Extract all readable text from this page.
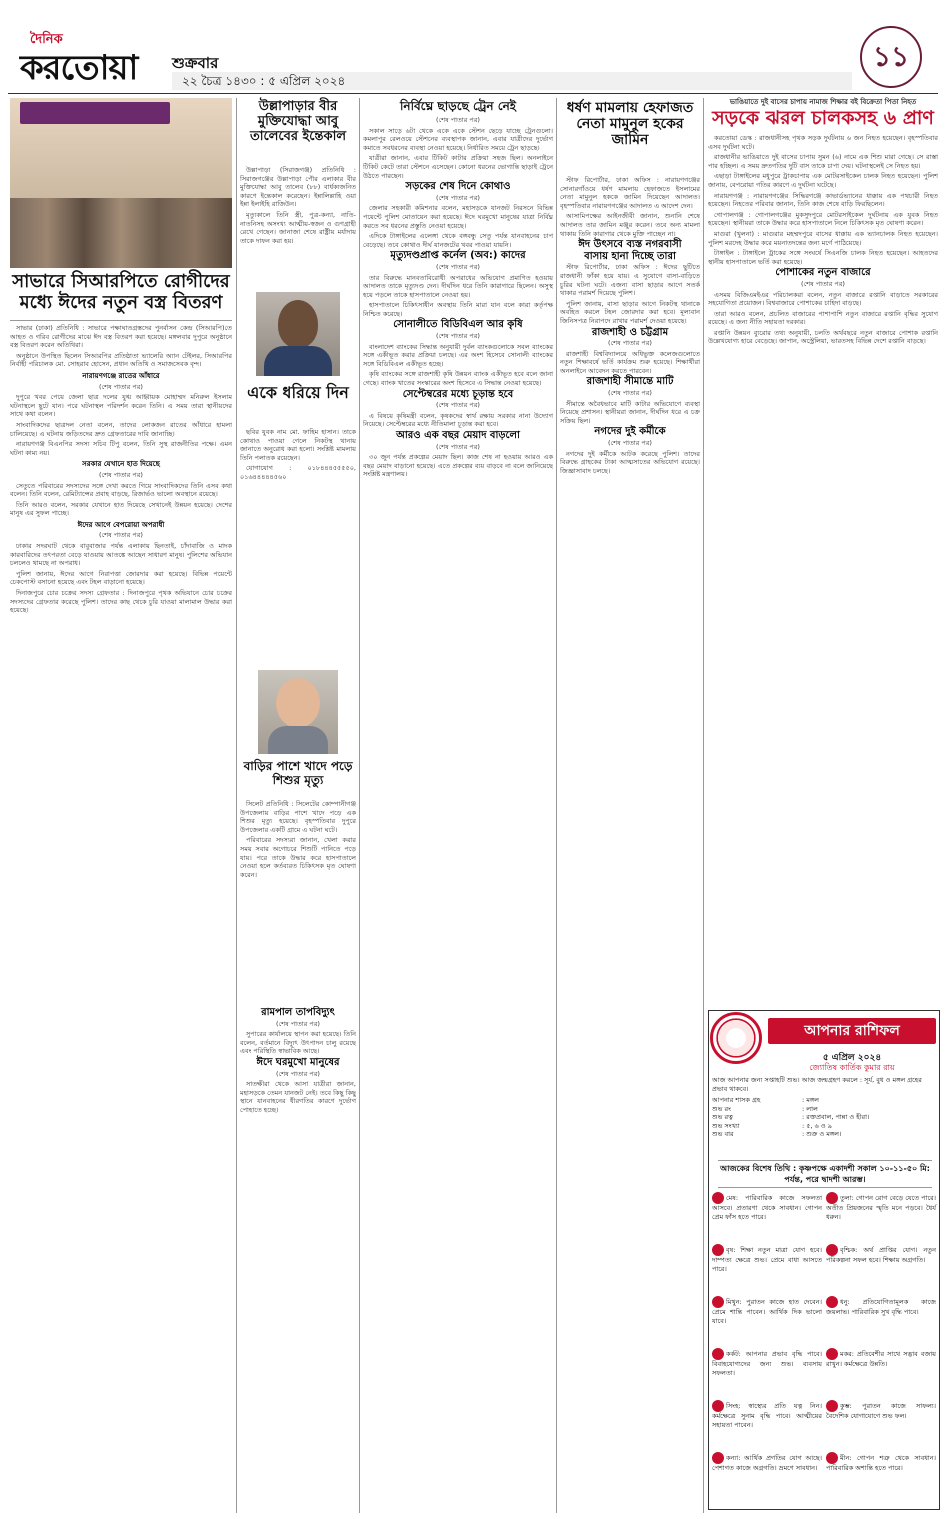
দৈনিক
করতোয়া শুক্রবার
২২ চৈত্র ১৪৩০ : ৫ এপ্রিল ২০২৪
১১
সাভারে সিআরপিতে রোগীদের মধ্যে ঈদের নতুন বস্ত্র বিতরণ

সাভার (ঢাকা) প্রতিনিধি : সাভারে পক্ষাঘাতগ্রস্তদের পুনর্বাসন কেন্দ্র (সিআরপি)তে আহত ও গরিব রোগীদের মাঝে ঈদ বস্ত্র বিতরণ করা হয়েছে। মঙ্গলবার দুপুরে অনুষ্ঠানে বস্ত্র বিতরণ করেন অতিথিরা।

অনুষ্ঠানে উপস্থিত ছিলেন সিআরপির প্রতিষ্ঠাতা ভ্যালেরি অ্যান টেইলর, সিআরপির নির্বাহী পরিচালক মো. সোহরাব হোসেন, প্রধান অতিথি ও সমাজসেবক বৃন্দ।

নারায়ণগঞ্জে রাতের আঁধারে
(শেষ পাতার পর)

দুপুরে খবর পেয়ে জেলা ছাত্র দলের যুগ্ম আহ্বায়ক মোহাম্মদ মনিরুল ইসলাম ঘটনাস্থলে ছুটে যান। পরে ঘটনাস্থল পরিদর্শন করেন তিনি। এ সময় তারা স্থানীয়দের সাথে কথা বলেন।

সাংবাদিকদের ছাত্রদল নেতা বলেন, তাদের লোকজন রাতের আঁধারে হামলা চালিয়েছে। এ ঘটনায় জড়িতদের দ্রুত গ্রেফতারের দাবি জানাচ্ছি।

নারায়ণগঞ্জ বিএনপির সদস্য সচিব টিপু বলেন, তিনি সুস্থ রাজনীতির পক্ষে। এমন ঘটনা কাম্য নয়।

সরকার যেখানে হাত দিয়েছে
(শেষ পাতার পর)

সেতুতে পরিবারের সদস্যদের সঙ্গে দেখা করতে গিয়ে সাংবাদিকদের তিনি এসব কথা বলেন। তিনি বলেন, রেমিট্যান্সের প্রবাহ বাড়ছে, রিজার্ভও ভালো অবস্থানে রয়েছে।

তিনি আরও বলেন, সরকার যেখানে হাত দিয়েছে সেখানেই উন্নয়ন হয়েছে। দেশের মানুষ এর সুফল পাচ্ছে।

ঈদের আগে বেপরোয়া অপরাধী
(শেষ পাতার পর)

ঢাকার সদরঘাট থেকে বাবুবাজার পর্যন্ত এলাকায় ছিনতাই, চাঁদাবাজি ও মাদক কারবারিদের তৎপরতা বেড়ে যাওয়ায় আতঙ্কে আছেন সাধারণ মানুষ। পুলিশের অভিযান চললেও থামছে না অপরাধ।

পুলিশ জানায়, ঈদের আগে নিরাপত্তা জোরদার করা হয়েছে। বিভিন্ন পয়েন্টে চেকপোস্ট বসানো হয়েছে এবং টহল বাড়ানো হয়েছে।

দিনাজপুরে চোর চক্রের সদস্য গ্রেফতার : দিনাজপুরে পৃথক অভিযানে চোর চক্রের সদস্যদের গ্রেফতার করেছে পুলিশ। তাদের কাছ থেকে চুরি যাওয়া মালামাল উদ্ধার করা হয়েছে।

উল্লাপাড়ার বীর মুক্তিযোদ্ধা আবু তালেবের ইন্তেকাল

উল্লাপাড়া (সিরাজগঞ্জ) প্রতিনিধি : সিরাজগঞ্জের উল্লাপাড়া পৌর এলাকার বীর মুক্তিযোদ্ধা আবু তালেব (৮৮) বার্ধক্যজনিত কারণে ইন্তেকাল করেছেন। ইন্নালিল্লাহি ওয়া ইন্না ইলাইহি রাজিউন।

মৃত্যুকালে তিনি স্ত্রী, পুত্র-কন্যা, নাতি-নাতনিসহ অসংখ্য আত্মীয়-স্বজন ও গুণগ্রাহী রেখে গেছেন। জানাজা শেষে রাষ্ট্রীয় মর্যাদায় তাকে দাফন করা হয়।

একে ধরিয়ে দিন

ছবির যুবক নাম মো. ফাহিম হাসান। তাকে কোথাও পাওয়া গেলে নিকটস্থ থানায় জানাতে অনুরোধ করা হলো। সংশ্লিষ্ট মামলায় তিনি পলাতক রয়েছেন।

যোগাযোগ : ০১৮৪৪৪৫৫৫৫০, ০১৬৪৪৪৪৪৫৬০

বাড়ির পাশে খাদে পড়ে শিশুর মৃত্যু

সিলেট প্রতিনিধি : সিলেটের কোম্পানীগঞ্জ উপজেলায় বাড়ির পাশে খাদে পড়ে এক শিশুর মৃত্যু হয়েছে। বৃহস্পতিবার দুপুরে উপজেলার একটি গ্রামে এ ঘটনা ঘটে।

পরিবারের সদস্যরা জানান, খেলা করার সময় সবার অগোচরে শিশুটি পানিতে পড়ে যায়। পরে তাকে উদ্ধার করে হাসপাতালে নেওয়া হলে কর্তব্যরত চিকিৎসক মৃত ঘোষণা করেন।

রামপাল তাপবিদ্যুৎ
(শেষ পাতার পর)

সুপারের কার্যালয়ে স্থাপন করা হয়েছে। তিনি বলেন, বর্তমানে বিদ্যুৎ উৎপাদন চালু রয়েছে এবং পরিস্থিতি স্বাভাবিক আছে।

ঈদে ঘরমুখো মানুষের
(শেষ পাতার পর)

সাতক্ষীরা থেকে আসা যাত্রীরা জানান, মহাসড়কে তেমন যানজট নেই। তবে কিছু কিছু স্থানে যানবাহনের ধীরগতির কারণে দুর্ভোগ পোহাতে হচ্ছে।

নির্বিঘ্নে ছাড়ছে ট্রেন নেই
(শেষ পাতার পর)

সকাল সাড়ে ৬টা থেকে একে একে স্টেশন ছেড়ে যাচ্ছে ট্রেনগুলো। কমলাপুর রেলওয়ে স্টেশনের ব্যবস্থাপক জানান, এবার যাত্রীদের দুর্ভোগ কমাতে সবধরনের ব্যবস্থা নেওয়া হয়েছে। নির্ধারিত সময়ে ট্রেন ছাড়ছে।

যাত্রীরা জানান, এবার টিকিট কাটার প্রক্রিয়া সহজ ছিল। অনলাইনে টিকিট কেটে তারা স্টেশনে এসেছেন। কোনো ধরনের ভোগান্তি ছাড়াই ট্রেনে উঠতে পারছেন।

সড়কের শেষ দিনে কোথাও
(শেষ পাতার পর)

জেলার সহকারী কমিশনার বলেন, মহাসড়কে যানজট নিরসনে বিভিন্ন পয়েন্টে পুলিশ মোতায়েন করা হয়েছে। ঈদে ঘরমুখো মানুষের যাত্রা নির্বিঘ্ন করতে সব ধরনের প্রস্তুতি নেওয়া হয়েছে।

এদিকে টাঙ্গাইলের এলেঙ্গা থেকে বঙ্গবন্ধু সেতু পর্যন্ত যানবাহনের চাপ বেড়েছে। তবে কোথাও দীর্ঘ যানজটের খবর পাওয়া যায়নি।

মৃত্যুদণ্ডপ্রাপ্ত কর্নেল (অব:) কাদের
(শেষ পাতার পর)

তার বিরুদ্ধে মানবতাবিরোধী অপরাধের অভিযোগ প্রমাণিত হওয়ায় আদালত তাকে মৃত্যুদণ্ড দেন। দীর্ঘদিন ধরে তিনি কারাগারে ছিলেন। অসুস্থ হয়ে পড়লে তাকে হাসপাতালে নেওয়া হয়।

হাসপাতালে চিকিৎসাধীন অবস্থায় তিনি মারা যান বলে কারা কর্তৃপক্ষ নিশ্চিত করেছে।

সোনালীতে বিডিবিএল আর কৃষি
(শেষ পাতার পর)

বাংলাদেশ ব্যাংকের সিদ্ধান্ত অনুযায়ী দুর্বল ব্যাংকগুলোকে সবল ব্যাংকের সঙ্গে একীভূত করার প্রক্রিয়া চলছে। এর অংশ হিসেবে সোনালী ব্যাংকের সঙ্গে বিডিবিএল একীভূত হচ্ছে।

কৃষি ব্যাংকের সঙ্গে রাজশাহী কৃষি উন্নয়ন ব্যাংক একীভূত হবে বলে জানা গেছে। ব্যাংক খাতের সংস্কারের অংশ হিসেবে এ সিদ্ধান্ত নেওয়া হয়েছে।

সেপ্টেম্বরের মধ্যে চূড়ান্ত হবে
(শেষ পাতার পর)

এ বিষয়ে কৃষিমন্ত্রী বলেন, কৃষকদের স্বার্থ রক্ষায় সরকার নানা উদ্যোগ নিয়েছে। সেপ্টেম্বরের মধ্যে নীতিমালা চূড়ান্ত করা হবে।

আরও এক বছর মেয়াদ বাড়লো
(শেষ পাতার পর)

৩০ জুন পর্যন্ত প্রকল্পের মেয়াদ ছিল। কাজ শেষ না হওয়ায় আরও এক বছর মেয়াদ বাড়ানো হয়েছে। এতে প্রকল্পের ব্যয় বাড়বে না বলে জানিয়েছে সংশ্লিষ্ট মন্ত্রণালয়।

ধর্ষণ মামলায় হেফাজত নেতা মামুনুল হকের জামিন

স্টাফ রিপোর্টার, ঢাকা অফিস : নারায়ণগঞ্জের সোনারগাঁওয়ে ধর্ষণ মামলায় হেফাজতে ইসলামের নেতা মামুনুল হককে জামিন দিয়েছেন আদালত। বৃহস্পতিবার নারায়ণগঞ্জের আদালত এ আদেশ দেন।

আসামিপক্ষের আইনজীবী জানান, শুনানি শেষে আদালত তার জামিন মঞ্জুর করেন। তবে অন্য মামলা থাকায় তিনি কারাগার থেকে মুক্তি পাচ্ছেন না।

ঈদ উৎসবে ব্যস্ত নগরবাসী
বাসায় হানা দিচ্ছে তারা

স্টাফ রিপোর্টার, ঢাকা অফিস : ঈদের ছুটিতে রাজধানী ফাঁকা হয়ে যায়। এ সুযোগে বাসা-বাড়িতে চুরির ঘটনা ঘটে। এজন্য বাসা ছাড়ার আগে সতর্ক থাকার পরামর্শ দিয়েছে পুলিশ।

পুলিশ জানায়, বাসা ছাড়ার আগে নিকটস্থ থানাকে অবহিত করলে টহল জোরদার করা হবে। মূল্যবান জিনিসপত্র নিরাপদে রাখার পরামর্শ দেওয়া হয়েছে।

রাজশাহী ও চট্টগ্রাম
(শেষ পাতার পর)

রাজশাহী বিশ্ববিদ্যালয়ে অধিভুক্ত কলেজগুলোতে নতুন শিক্ষাবর্ষে ভর্তি কার্যক্রম শুরু হয়েছে। শিক্ষার্থীরা অনলাইনে আবেদন করতে পারবেন।

রাজশাহী সীমান্তে মাটি
(শেষ পাতার পর)

সীমান্তে অবৈধভাবে মাটি কাটার অভিযোগে ব্যবস্থা নিয়েছে প্রশাসন। স্থানীয়রা জানান, দীর্ঘদিন ধরে এ চক্র সক্রিয় ছিল।

নগদের দুই কর্মীকে
(শেষ পাতার পর)

নগদের দুই কর্মীকে আটক করেছে পুলিশ। তাদের বিরুদ্ধে গ্রাহকের টাকা আত্মসাতের অভিযোগ রয়েছে। জিজ্ঞাসাবাদ চলছে।

ভাঙিয়াতে দুই বাসের চাপায় নামাজ শিক্ষার বই বিক্রেতা পিতা নিহত
সড়কে ঝরল চালকসহ ৬ প্রাণ

করতোয়া ডেস্ক : রাজধানীসহ পৃথক সড়ক দুর্ঘটনায় ৬ জন নিহত হয়েছেন। বৃহস্পতিবার এসব দুর্ঘটনা ঘটে।

রাজধানীর ভাঙিয়াতে দুই বাসের চাপায় সুমন (৬) নামে এক শিশু মারা গেছে। সে রাস্তা পার হচ্ছিল। এ সময় দ্রুতগতির দুটি বাস তাকে চাপা দেয়। ঘটনাস্থলেই সে নিহত হয়।

এছাড়া টাঙ্গাইলের মধুপুরে ট্রাকচাপায় এক মোটরসাইকেল চালক নিহত হয়েছেন। পুলিশ জানায়, বেপরোয়া গতির কারণে এ দুর্ঘটনা ঘটেছে।

নারায়ণগঞ্জ : নারায়ণগঞ্জের সিদ্ধিরগঞ্জে কাভার্ডভ্যানের ধাক্কায় এক পথচারী নিহত হয়েছেন। নিহতের পরিবার জানান, তিনি কাজ শেষে বাড়ি ফিরছিলেন।

গোপালগঞ্জ : গোপালগঞ্জের মুকসুদপুরে মোটরসাইকেল দুর্ঘটনায় এক যুবক নিহত হয়েছেন। স্থানীয়রা তাকে উদ্ধার করে হাসপাতালে নিলে চিকিৎসক মৃত ঘোষণা করেন।

মাগুরা (খুলনা) : মাগুরার মহম্মদপুরে বাসের ধাক্কায় এক ভ্যানচালক নিহত হয়েছেন। পুলিশ মরদেহ উদ্ধার করে ময়নাতদন্তের জন্য মর্গে পাঠিয়েছে।

টাঙ্গাইল : টাঙ্গাইলে ট্রাকের সঙ্গে সংঘর্ষে সিএনজি চালক নিহত হয়েছেন। আহতদের স্থানীয় হাসপাতালে ভর্তি করা হয়েছে।

পোশাকের নতুন বাজারে
(শেষ পাতার পর)

এসময় বিজিএমইএর পরিচালকরা বলেন, নতুন বাজারে রপ্তানি বাড়াতে সরকারের সহযোগিতা প্রয়োজন। বিশ্ববাজারে পোশাকের চাহিদা বাড়ছে।

তারা আরও বলেন, প্রচলিত বাজারের পাশাপাশি নতুন বাজারে রপ্তানি বৃদ্ধির সুযোগ রয়েছে। এ জন্য নীতি সহায়তা দরকার।

রপ্তানি উন্নয়ন ব্যুরোর তথ্য অনুযায়ী, চলতি অর্থবছরে নতুন বাজারে পোশাক রপ্তানি উল্লেখযোগ্য হারে বেড়েছে। জাপান, অস্ট্রেলিয়া, ভারতসহ বিভিন্ন দেশে রপ্তানি বাড়ছে।

আপনার রাশিফল
৫ এপ্রিল ২০২৪
জ্যোতিষ কার্তিক কুমার রায়
আজ আপনার জন্য সপ্তাহটি শুভ। আজ জন্মগ্রহণ করলে : সূর্য, বুধ ও মঙ্গল গ্রহের প্রভাব থাকবে।
আপনার শাসক গ্রহ	: মঙ্গল
শুভ রং	: লাল
শুভ রত্ন	: রক্তপ্রবাল, পান্না ও হীরা।
শুভ সংখ্যা	: ৫, ৬ ও ৯
শুভ বার	: শুক্র ও মঙ্গল।
আজকের বিশেষ তিথি : কৃষ্ণপক্ষে একাদশী সকাল ১০-১১-৫০ মি: পর্যন্ত, পরে দ্বাদশী আরম্ভ।
মেষ: পারিবারিক কাজে সফলতা আসবে। প্রতারণা থেকে সাবধান। গোপন প্রেম ফাঁস হতে পারে।
বৃষ: শিক্ষা নতুন মাত্রা যোগ হবে। দাম্পত্য ক্ষেত্রে শুভ। প্রেমে বাধা আসতে পারে।
মিথুন: পুরাতন কাজে হাত দেবেন। প্রেমে শান্তি পাবেন। আর্থিক দিক ভালো যাবে।
কর্কট: আপনার প্রভাব বৃদ্ধি পাবে। বিবাহযোগ্যদের জন্য শুভ। ব্যবসায় সফলতা।
সিংহ: স্বাস্থ্যের প্রতি যত্ন নিন। কর্মক্ষেত্রে সুনাম বৃদ্ধি পাবে। আত্মীয়ের সহায়তা পাবেন।
কন্যা: আর্থিক প্রগতির যোগ আছে। পেশাগত কাজে অগ্রগতি। ভ্রমণে সাবধান।
তুলা: গোপন রোগ বেড়ে যেতে পারে। অতীত প্রিয়জনের স্মৃতি মনে পড়বে। ধৈর্য ধরুন।
বৃশ্চিক: অর্থ প্রাপ্তির যোগ। নতুন পরিকল্পনা সফল হবে। শিক্ষায় অগ্রগতি।
ধনু: প্রতিযোগিতামূলক কাজে জয়লাভ। পারিবারিক সুখ বৃদ্ধি পাবে।
মকর: প্রতিবেশীর সাথে সদ্ভাব বজায় রাখুন। কর্মক্ষেত্রে উন্নতি।
কুম্ভ: পুরাতন কাজে সাফল্য। বৈদেশিক যোগাযোগে শুভ ফল।
মীন: গোপন শত্রু থেকে সাবধান। পারিবারিক অশান্তি হতে পারে।
